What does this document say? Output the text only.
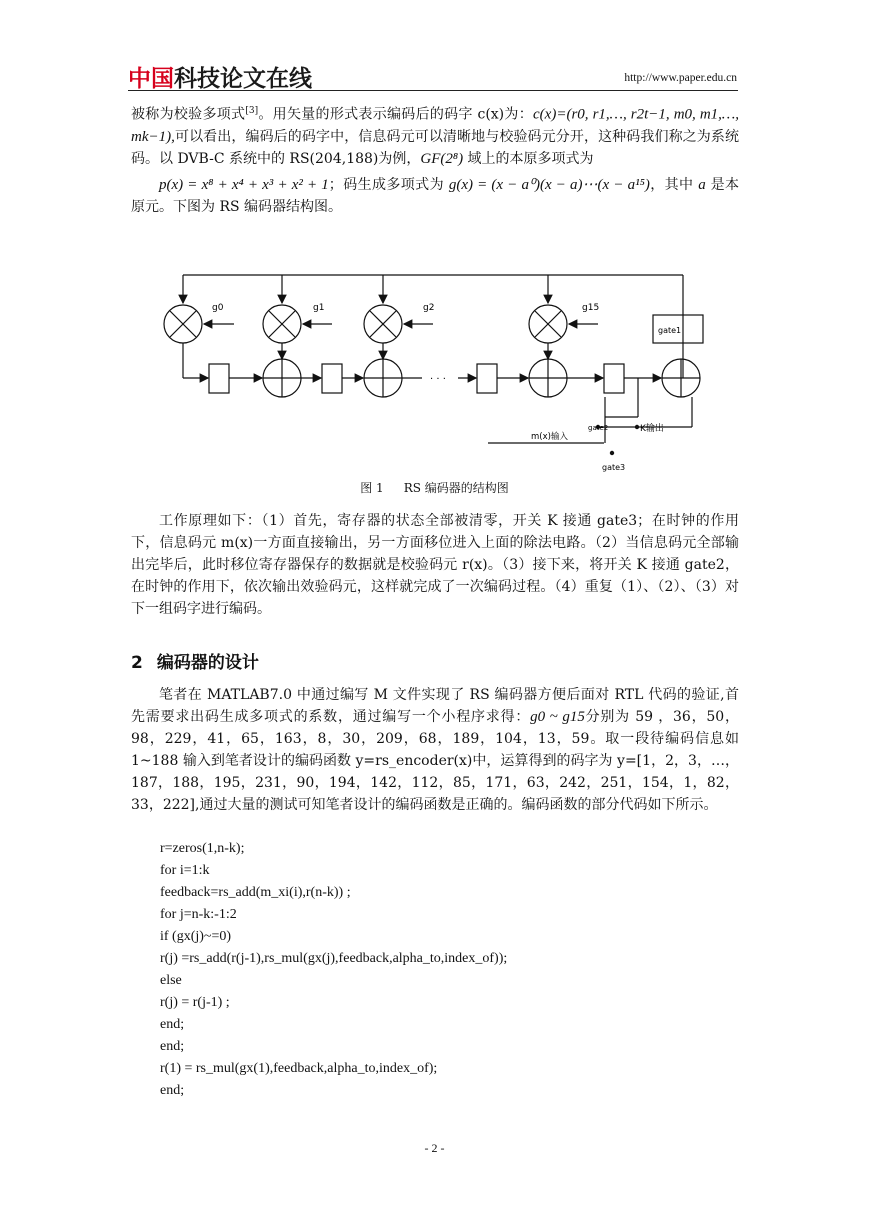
中国科技论文在线	http://www.paper.edu.cn

被称为校验多项式[3]。用矢量的形式表示编码后的码字 c(x)为：c(x)=(r0, r1,…, r2t−1, m0, m1,…, mk−1),可以看出，编码后的码字中，信息码元可以清晰地与校验码元分开，这种码我们称之为系统码。以 DVB-C 系统中的 RS(204,188)为例，GF(2⁸) 域上的本原多项式为

p(x) = x⁸ + x⁴ + x³ + x² + 1；码生成多项式为 g(x) = (x − a⁰)(x − a)⋯(x − a¹⁵)，其中 a 是本原元。下图为 RS 编码器结构图。

g0	g1	g2	g15
gate1
gate2
gate3
m(x)输入
K输出
· · ·
图 1 RS 编码器的结构图
工作原理如下：（1）首先，寄存器的状态全部被清零，开关 K 接通 gate3；在时钟的作用下，信息码元 m(x)一方面直接输出，另一方面移位进入上面的除法电路。（2）当信息码元全部输出完毕后，此时移位寄存器保存的数据就是校验码元 r(x)。（3）接下来，将开关 K 接通 gate2，在时钟的作用下，依次输出效验码元，这样就完成了一次编码过程。（4）重复（1）、（2）、（3）对下一组码字进行编码。
2 编码器的设计
笔者在 MATLAB7.0 中通过编写 M 文件实现了 RS 编码器方便后面对 RTL 代码的验证,首先需要求出码生成多项式的系数，通过编写一个小程序求得：g0 ~ g15分别为 59 ，36，50， 98，229，41，65，163，8，30，209，68，189，104，13，59。取一段待编码信息如 1~188 输入到笔者设计的编码函数 y=rs_encoder(x)中，运算得到的码字为 y=[1，2，3，…，187，188，195，231，90，194，142，112，85，171，63，242，251，154，1，82，33，222],通过大量的测试可知笔者设计的编码函数是正确的。编码函数的部分代码如下所示。
r=zeros(1,n-k);
for i=1:k
feedback=rs_add(m_xi(i),r(n-k)) ;
for j=n-k:-1:2
if (gx(j)~=0)
r(j) =rs_add(r(j-1),rs_mul(gx(j),feedback,alpha_to,index_of));
else
r(j) = r(j-1) ;
end;
end;
r(1) = rs_mul(gx(1),feedback,alpha_to,index_of);
end;
- 2 -
